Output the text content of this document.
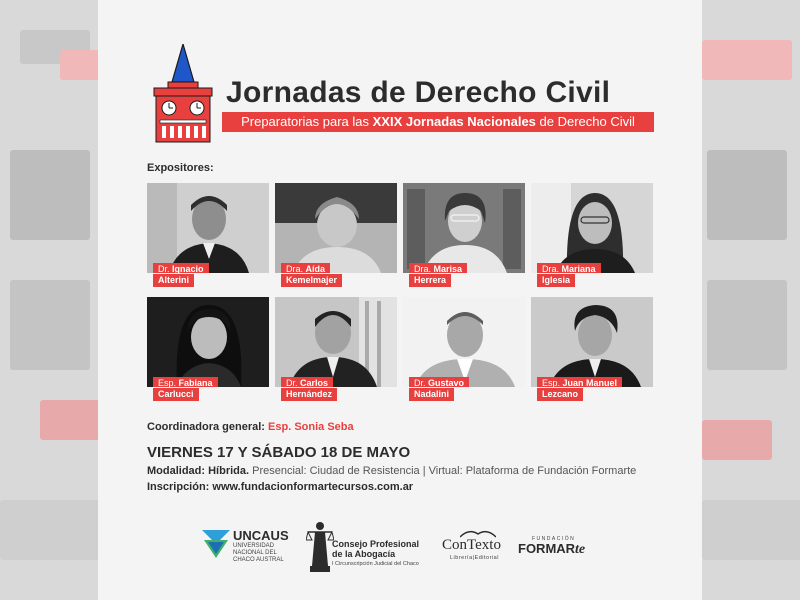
Jornadas de Derecho Civil
Preparatorias para las XXIX Jornadas Nacionales de Derecho Civil
Expositores:
Dr. Ignacio
Alterini
Dra. Aída
Kemelmajer
Dra. Marisa
Herrera
Dra. Mariana
Iglesia
Esp. Fabiana
Carlucci
Dr. Carlos
Hernández
Dr. Gustavo
Nadalini
Esp. Juan Manuel
Lezcano
Coordinadora general: Esp. Sonia Seba
VIERNES 17 Y SÁBADO 18 DE MAYO
Modalidad: Híbrida. Presencial: Ciudad de Resistencia | Virtual: Plataforma de Fundación Formarte
Inscripción: www.fundacionformartecursos.com.ar
UNCAUS
UNIVERSIDAD
NACIONAL DEL
CHACO AUSTRAL
Consejo Profesional
de la Abogacía
I Circunscripción Judicial del Chaco
ConTexto
Librería|Editorial
FUNDACIÓN
FORMARte
